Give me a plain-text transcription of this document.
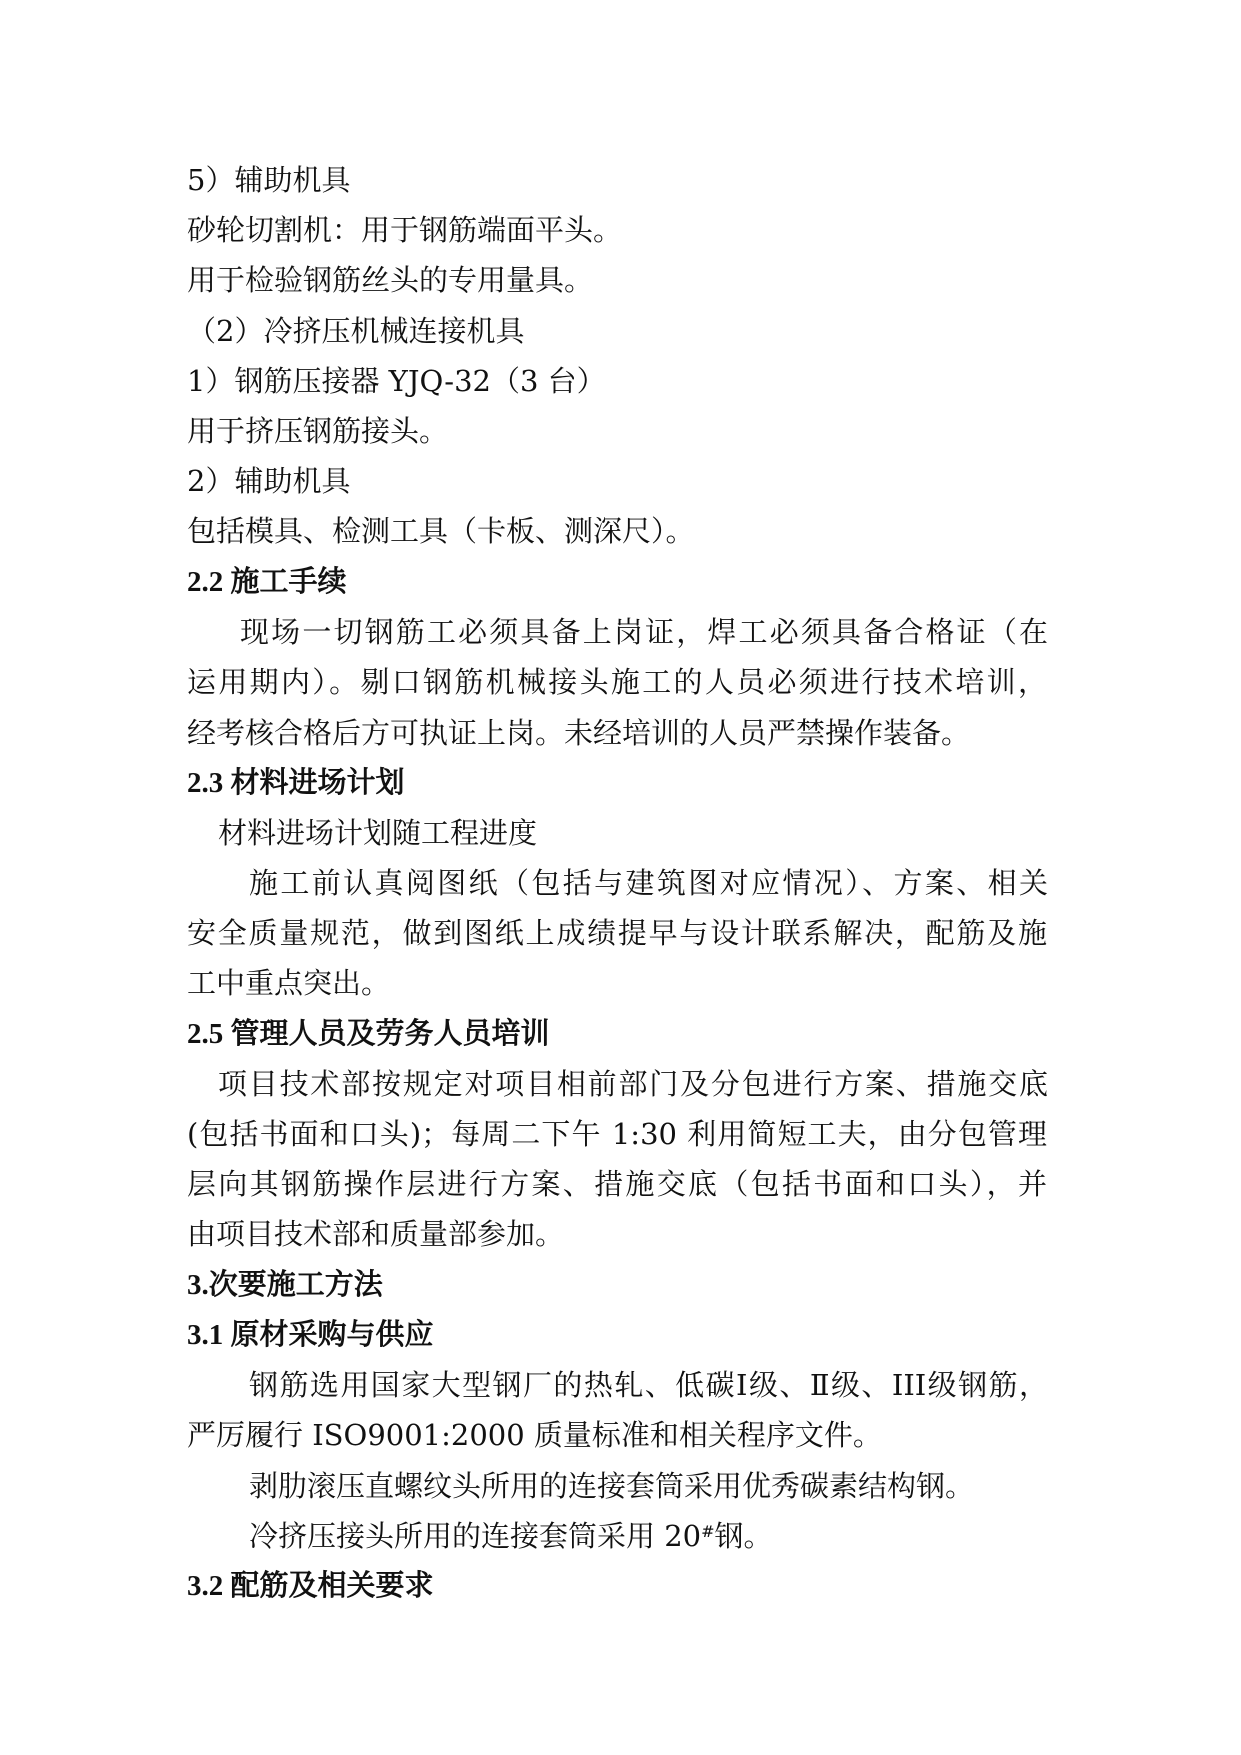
5）辅助机具
砂轮切割机：用于钢筋端面平头。
用于检验钢筋丝头的专用量具。
（2）冷挤压机械连接机具
1）钢筋压接器 YJQ-32（3 台）
用于挤压钢筋接头。
2）辅助机具
包括模具、检测工具（卡板、测深尺）。
2.2 施工手续
现场一切钢筋工必须具备上岗证，焊工必须具备合格证（在
运用期内）。剔口钢筋机械接头施工的人员必须进行技术培训，
经考核合格后方可执证上岗。未经培训的人员严禁操作装备。
2.3 材料进场计划
材料进场计划随工程进度
施工前认真阅图纸（包括与建筑图对应情况）、方案、相关
安全质量规范，做到图纸上成绩提早与设计联系解决，配筋及施
工中重点突出。
2.5 管理人员及劳务人员培训
项目技术部按规定对项目相前部门及分包进行方案、措施交底
(包括书面和口头)；每周二下午 1:30 利用简短工夫，由分包管理
层向其钢筋操作层进行方案、措施交底（包括书面和口头），并
由项目技术部和质量部参加。
3.次要施工方法
3.1 原材采购与供应
钢筋选用国家大型钢厂的热轧、低碳Ⅰ级、Ⅱ级、III级钢筋，
严厉履行 ISO9001:2000 质量标准和相关程序文件。
剥肋滚压直螺纹头所用的连接套筒采用优秀碳素结构钢。
冷挤压接头所用的连接套筒采用 20#钢。
3.2 配筋及相关要求
